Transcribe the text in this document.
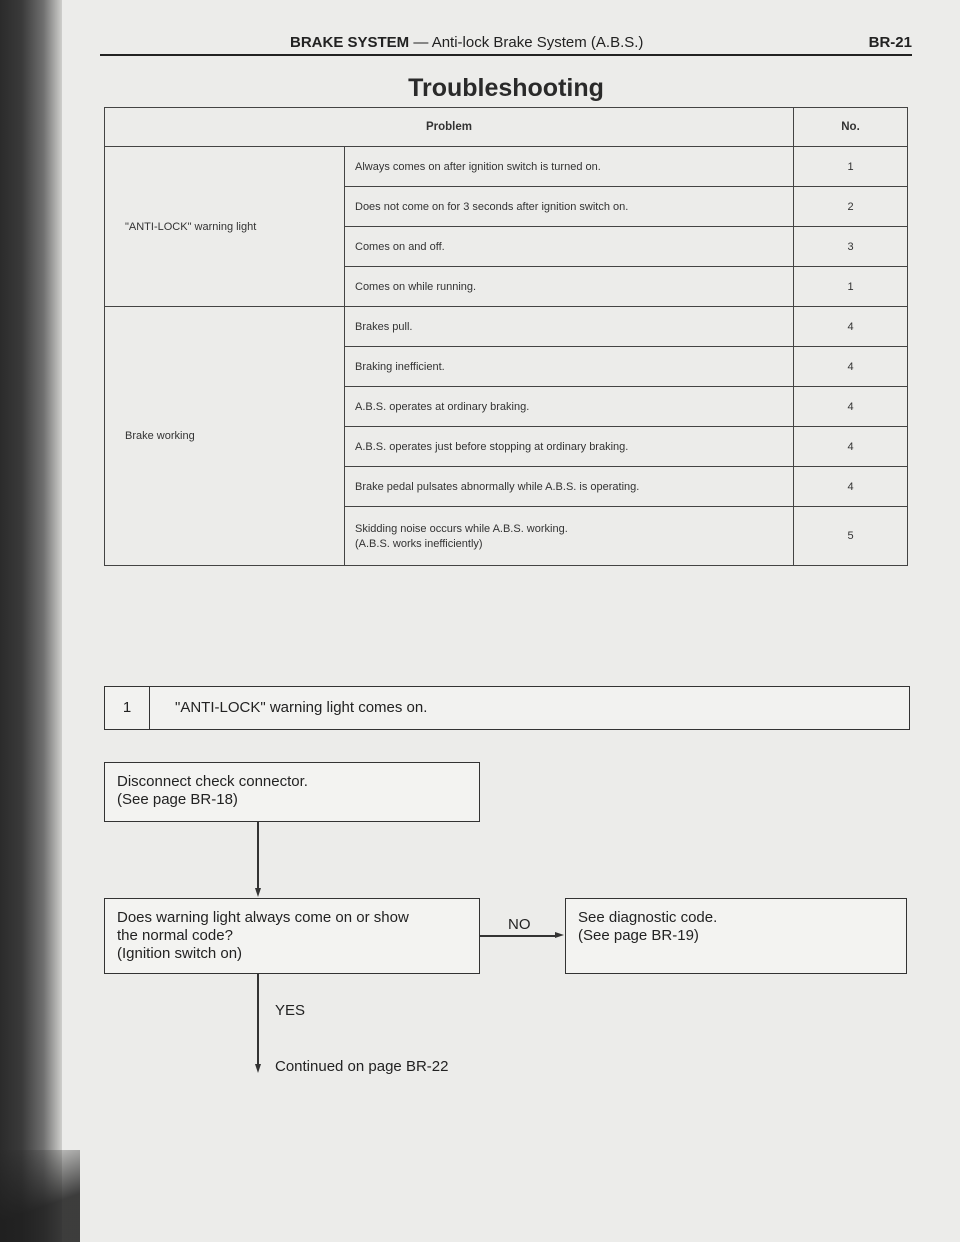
BRAKE SYSTEM — Anti-lock Brake System (A.B.S.)	BR-21
Troubleshooting
Problem		No.
"ANTI-LOCK" warning light	Always comes on after ignition switch is turned on.	1
	Does not come on for 3 seconds after ignition switch on.	2
	Comes on and off.	3
	Comes on while running.	1
Brake working	Brakes pull.	4
	Braking inefficient.	4
	A.B.S. operates at ordinary braking.	4
	A.B.S. operates just before stopping at ordinary braking.	4
	Brake pedal pulsates abnormally while A.B.S. is operating.	4
	Skidding noise occurs while A.B.S. working.
(A.B.S. works inefficiently)	5
1	"ANTI-LOCK" warning light comes on.
Disconnect check connector.
(See page BR-18)
Does warning light always come on or show
the normal code?
(Ignition switch on)
NO	See diagnostic code.
(See page BR-19)
YES
Continued on page BR-22
